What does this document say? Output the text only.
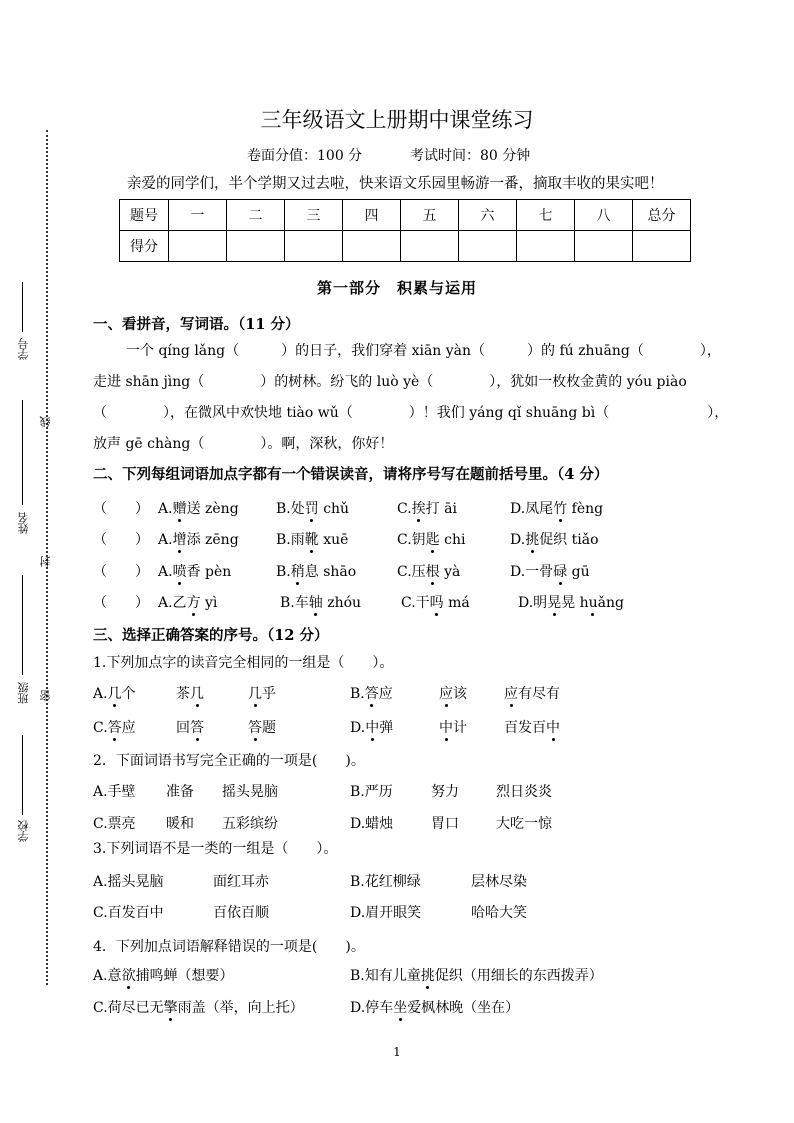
学号
线
姓名
封
班级 密
学校
三年级语文上册期中课堂练习
卷面分值：100 分	考试时间：80 分钟
亲爱的同学们，半个学期又过去啦，快来语文乐园里畅游一番，摘取丰收的果实吧！
题号	一	二	三	四	五	六	七	八	总分
得分									
第一部分　积累与运用
一、看拼音，写词语。（11 分）
一个 qíng lǎng（　　　）的日子，我们穿着 xiān yàn（　　　）的 fú zhuāng（　　　　），
走进 shān jìng（　　　　）的树林。纷飞的 luò yè（　　　　），犹如一枚枚金黄的 yóu piào
（　　　　），在微风中欢快地 tiào wǔ（　　　　）！我们 yáng qǐ shuāng bì（　　　　　　　），
放声 gē chàng（　　　　）。啊，深秋，你好！
二、下列每组词语加点字都有一个错误读音，请将序号写在题前括号里。（4 分）
（　　） A.赠送 zèng	B.处罚 chǔ	C.挨打 āi	D.凤尾竹 fèng
（　　） A.增添 zēng	B.雨靴 xuē	C.钥匙 chi	D.挑促织 tiǎo
（　　） A.喷香 pèn	B.稍息 shāo	C.压根 yà	D.一骨碌 gū
（　　） A.乙方 yì	B.车轴 zhóu	C.干吗 má	D.明晃晃 huǎng
三、选择正确答案的序号。（12 分）
1.下列加点字的读音完全相同的一组是（　　）。
A.几个	茶几	几乎	B.答应	应该	应有尽有
C.答应	回答	答题	D.中弹	中计	百发百中
2．下面词语书写完全正确的一项是(　　)。
A.手壁 准备 摇头晃脑	B.严历	努力	烈日炎炎
C.票亮 暖和 五彩缤纷	D.蜡烛	胃口	大吃一惊
3.下列词语不是一类的一组是（　　）。
A.摇头晃脑	面红耳赤	B.花红柳绿	层林尽染
C.百发百中	百依百顺	D.眉开眼笑	哈哈大笑
4．下列加点词语解释错误的一项是(　　)。
A.意欲捕鸣蝉（想要）	B.知有儿童挑促织（用细长的东西拨弄）
C.荷尽已无擎雨盖（举，向上托）	D.停车坐爱枫林晚（坐在）
1
